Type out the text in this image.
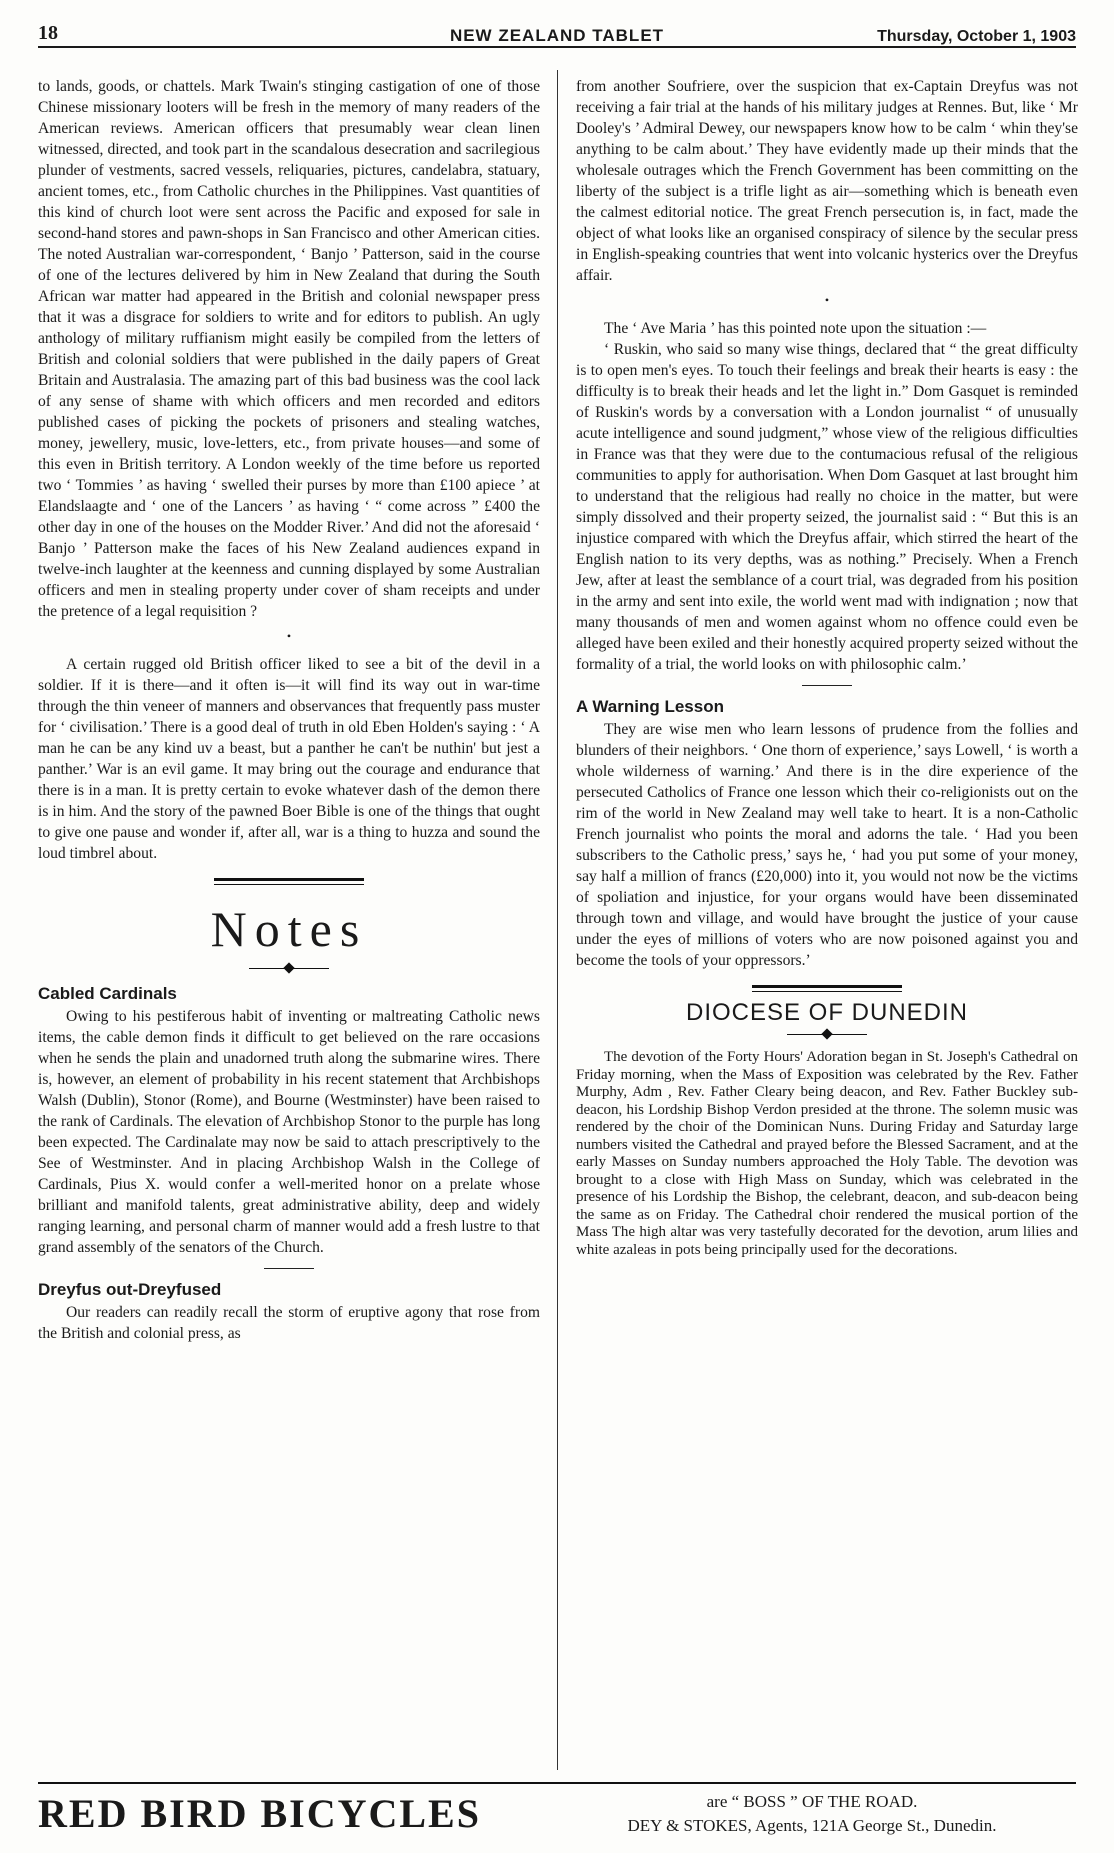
18	NEW ZEALAND TABLET	Thursday, October 1, 1903

to lands, goods, or chattels. Mark Twain's stinging castigation of one of those Chinese missionary looters will be fresh in the memory of many readers of the American reviews. American officers that presumably wear clean linen witnessed, directed, and took part in the scandalous desecration and sacrilegious plunder of vestments, sacred vessels, reliquaries, pictures, candelabra, statuary, ancient tomes, etc., from Catholic churches in the Philippines. Vast quantities of this kind of church loot were sent across the Pacific and exposed for sale in second-hand stores and pawn-shops in San Francisco and other American cities. The noted Australian war-correspondent, ‘ Banjo ’ Patterson, said in the course of one of the lectures delivered by him in New Zealand that during the South African war matter had appeared in the British and colonial newspaper press that it was a disgrace for soldiers to write and for editors to publish. An ugly anthology of military ruffianism might easily be compiled from the letters of British and colonial soldiers that were published in the daily papers of Great Britain and Australasia. The amazing part of this bad business was the cool lack of any sense of shame with which officers and men recorded and editors published cases of picking the pockets of prisoners and stealing watches, money, jewellery, music, love-letters, etc., from private houses—and some of this even in British territory. A London weekly of the time before us reported two ‘ Tommies ’ as having ‘ swelled their purses by more than £100 apiece ’ at Elandslaagte and ‘ one of the Lancers ’ as having ‘ “ come across ” £400 the other day in one of the houses on the Modder River.’ And did not the aforesaid ‘ Banjo ’ Patterson make the faces of his New Zealand audiences expand in twelve-inch laughter at the keenness and cunning displayed by some Australian officers and men in stealing property under cover of sham receipts and under the pretence of a legal requisition ?

•

A certain rugged old British officer liked to see a bit of the devil in a soldier. If it is there—and it often is—it will find its way out in war-time through the thin veneer of manners and observances that frequently pass muster for ‘ civilisation.’ There is a good deal of truth in old Eben Holden's saying : ‘ A man he can be any kind uv a beast, but a panther he can't be nuthin' but jest a panther.’ War is an evil game. It may bring out the courage and endurance that there is in a man. It is pretty certain to evoke whatever dash of the demon there is in him. And the story of the pawned Boer Bible is one of the things that ought to give one pause and wonder if, after all, war is a thing to huzza and sound the loud timbrel about.

Notes
Cabled Cardinals

Owing to his pestiferous habit of inventing or maltreating Catholic news items, the cable demon finds it difficult to get believed on the rare occasions when he sends the plain and unadorned truth along the submarine wires. There is, however, an element of probability in his recent statement that Archbishops Walsh (Dublin), Stonor (Rome), and Bourne (Westminster) have been raised to the rank of Cardinals. The elevation of Archbishop Stonor to the purple has long been expected. The Cardinalate may now be said to attach prescriptively to the See of Westminster. And in placing Archbishop Walsh in the College of Cardinals, Pius X. would confer a well-merited honor on a prelate whose brilliant and manifold talents, great administrative ability, deep and widely ranging learning, and personal charm of manner would add a fresh lustre to that grand assembly of the senators of the Church.

Dreyfus out-Dreyfused

Our readers can readily recall the storm of eruptive agony that rose from the British and colonial press, as

from another Soufriere, over the suspicion that ex-Captain Dreyfus was not receiving a fair trial at the hands of his military judges at Rennes. But, like ‘ Mr Dooley's ’ Admiral Dewey, our newspapers know how to be calm ‘ whin they'se anything to be calm about.’ They have evidently made up their minds that the wholesale outrages which the French Government has been committing on the liberty of the subject is a trifle light as air—something which is beneath even the calmest editorial notice. The great French persecution is, in fact, made the object of what looks like an organised conspiracy of silence by the secular press in English-speaking countries that went into volcanic hysterics over the Dreyfus affair.

•

The ‘ Ave Maria ’ has this pointed note upon the situation :—

‘ Ruskin, who said so many wise things, declared that “ the great difficulty is to open men's eyes. To touch their feelings and break their hearts is easy : the difficulty is to break their heads and let the light in.” Dom Gasquet is reminded of Ruskin's words by a conversation with a London journalist “ of unusually acute intelligence and sound judgment,” whose view of the religious difficulties in France was that they were due to the contumacious refusal of the religious communities to apply for authorisation. When Dom Gasquet at last brought him to understand that the religious had really no choice in the matter, but were simply dissolved and their property seized, the journalist said : “ But this is an injustice compared with which the Dreyfus affair, which stirred the heart of the English nation to its very depths, was as nothing.” Precisely. When a French Jew, after at least the semblance of a court trial, was degraded from his position in the army and sent into exile, the world went mad with indignation ; now that many thousands of men and women against whom no offence could even be alleged have been exiled and their honestly acquired property seized without the formality of a trial, the world looks on with philosophic calm.’

A Warning Lesson

They are wise men who learn lessons of prudence from the follies and blunders of their neighbors. ‘ One thorn of experience,’ says Lowell, ‘ is worth a whole wilderness of warning.’ And there is in the dire experience of the persecuted Catholics of France one lesson which their co-religionists out on the rim of the world in New Zealand may well take to heart. It is a non-Catholic French journalist who points the moral and adorns the tale. ‘ Had you been subscribers to the Catholic press,’ says he, ‘ had you put some of your money, say half a million of francs (£20,000) into it, you would not now be the victims of spoliation and injustice, for your organs would have been disseminated through town and village, and would have brought the justice of your cause under the eyes of millions of voters who are now poisoned against you and become the tools of your oppressors.’

DIOCESE OF DUNEDIN

The devotion of the Forty Hours' Adoration began in St. Joseph's Cathedral on Friday morning, when the Mass of Exposition was celebrated by the Rev. Father Murphy, Adm , Rev. Father Cleary being deacon, and Rev. Father Buckley sub-deacon, his Lordship Bishop Verdon presided at the throne. The solemn music was rendered by the choir of the Dominican Nuns. During Friday and Saturday large numbers visited the Cathedral and prayed before the Blessed Sacrament, and at the early Masses on Sunday numbers approached the Holy Table. The devotion was brought to a close with High Mass on Sunday, which was celebrated in the presence of his Lordship the Bishop, the celebrant, deacon, and sub-deacon being the same as on Friday. The Cathedral choir rendered the musical portion of the Mass The high altar was very tastefully decorated for the devotion, arum lilies and white azaleas in pots being principally used for the decorations.

RED BIRD BICYCLES	are “ BOSS ” OF THE ROAD.
DEY & STOKES, Agents, 121A George St., Dunedin.
